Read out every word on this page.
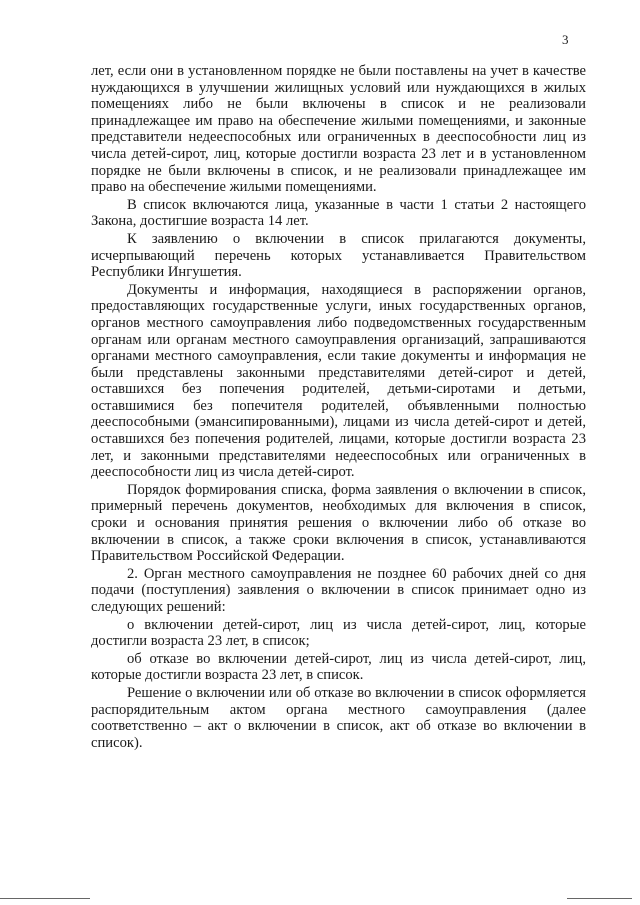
3

лет, если они в установленном порядке не были поставлены на учет в качестве нуждающихся в улучшении жилищных условий или нуждающихся в жилых помещениях либо не были включены в список и не реализовали принадлежащее им право на обеспечение жилыми помещениями, и законные представители недееспособных или ограниченных в дееспособности лиц из числа детей-сирот, лиц, которые достигли возраста 23 лет и в установленном порядке не были включены в список, и не реализовали принадлежащее им право на обеспечение жилыми помещениями.

В список включаются лица, указанные в части 1 статьи 2 настоящего Закона, достигшие возраста 14 лет.

К заявлению о включении в список прилагаются документы, исчерпывающий перечень которых устанавливается Правительством Республики Ингушетия.

Документы и информация, находящиеся в распоряжении органов, предоставляющих государственные услуги, иных государственных органов, органов местного самоуправления либо подведомственных государственным органам или органам местного самоуправления организаций, запрашиваются органами местного самоуправления, если такие документы и информация не были представлены законными представителями детей-сирот и детей, оставшихся без попечения родителей, детьми-сиротами и детьми, оставшимися без попечителя родителей, объявленными полностью дееспособными (эмансипированными), лицами из числа детей-сирот и детей, оставшихся без попечения родителей, лицами, которые достигли возраста 23 лет, и законными представителями недееспособных или ограниченных в дееспособности лиц из числа детей-сирот.

Порядок формирования списка, форма заявления о включении в список, примерный перечень документов, необходимых для включения в список, сроки и основания принятия решения о включении либо об отказе во включении в список, а также сроки включения в список, устанавливаются Правительством Российской Федерации.

2. Орган местного самоуправления не позднее 60 рабочих дней со дня подачи (поступления) заявления о включении в список принимает одно из следующих решений:

о включении детей-сирот, лиц из числа детей-сирот, лиц, которые достигли возраста 23 лет, в список;

об отказе во включении детей-сирот, лиц из числа детей-сирот, лиц, которые достигли возраста 23 лет, в список.

Решение о включении или об отказе во включении в список оформляется распорядительным актом органа местного самоуправления (далее соответственно – акт о включении в список, акт об отказе во включении в список).
